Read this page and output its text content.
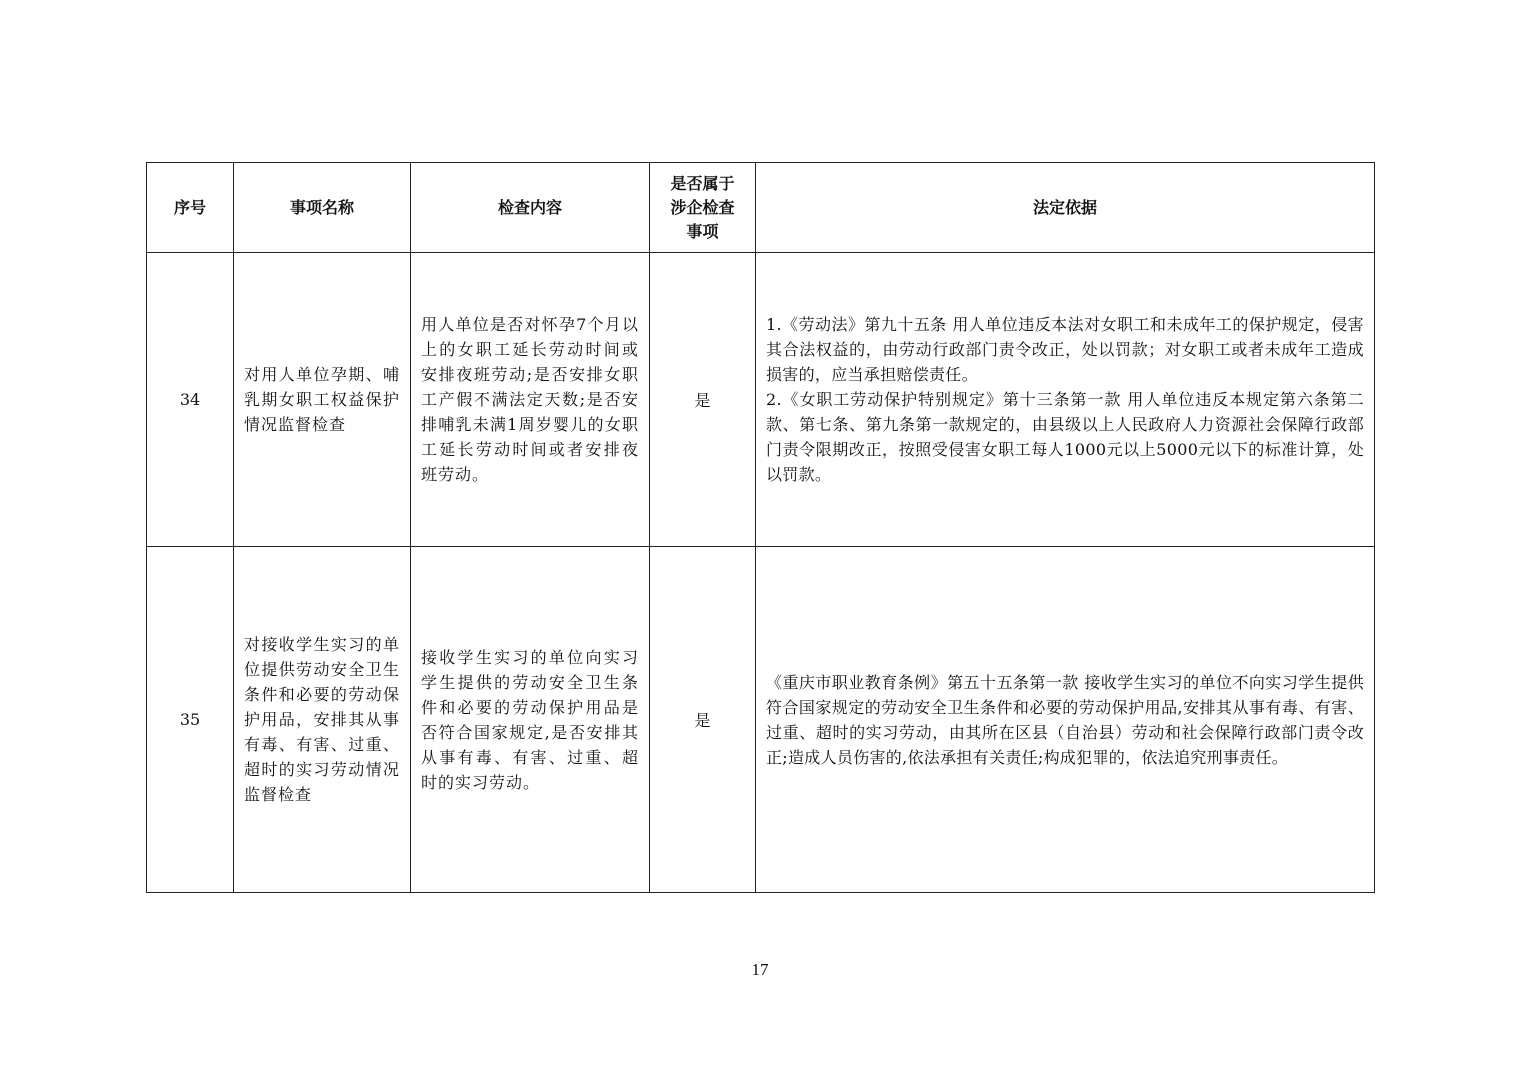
序号	事项名称	检查内容	是否属于涉企检查事项	法定依据
34	对用人单位孕期、哺乳期女职工权益保护情况监督检查	用人单位是否对怀孕7个月以上的女职工延长劳动时间或安排夜班劳动;是否安排女职工产假不满法定天数;是否安排哺乳未满1周岁婴儿的女职工延长劳动时间或者安排夜班劳动。	是	1.《劳动法》第九十五条 用人单位违反本法对女职工和未成年工的保护规定，侵害其合法权益的，由劳动行政部门责令改正，处以罚款；对女职工或者未成年工造成损害的，应当承担赔偿责任。
2.《女职工劳动保护特别规定》第十三条第一款 用人单位违反本规定第六条第二款、第七条、第九条第一款规定的，由县级以上人民政府人力资源社会保障行政部门责令限期改正，按照受侵害女职工每人1000元以上5000元以下的标准计算，处以罚款。

35	对接收学生实习的单位提供劳动安全卫生条件和必要的劳动保护用品，安排其从事有毒、有害、过重、超时的实习劳动情况监督检查	接收学生实习的单位向实习学生提供的劳动安全卫生条件和必要的劳动保护用品是否符合国家规定,是否安排其从事有毒、有害、过重、超时的实习劳动。	是	《重庆市职业教育条例》第五十五条第一款 接收学生实习的单位不向实习学生提供符合国家规定的劳动安全卫生条件和必要的劳动保护用品,安排其从事有毒、有害、过重、超时的实习劳动，由其所在区县（自治县）劳动和社会保障行政部门责令改正;造成人员伤害的,依法承担有关责任;构成犯罪的，依法追究刑事责任。
17
